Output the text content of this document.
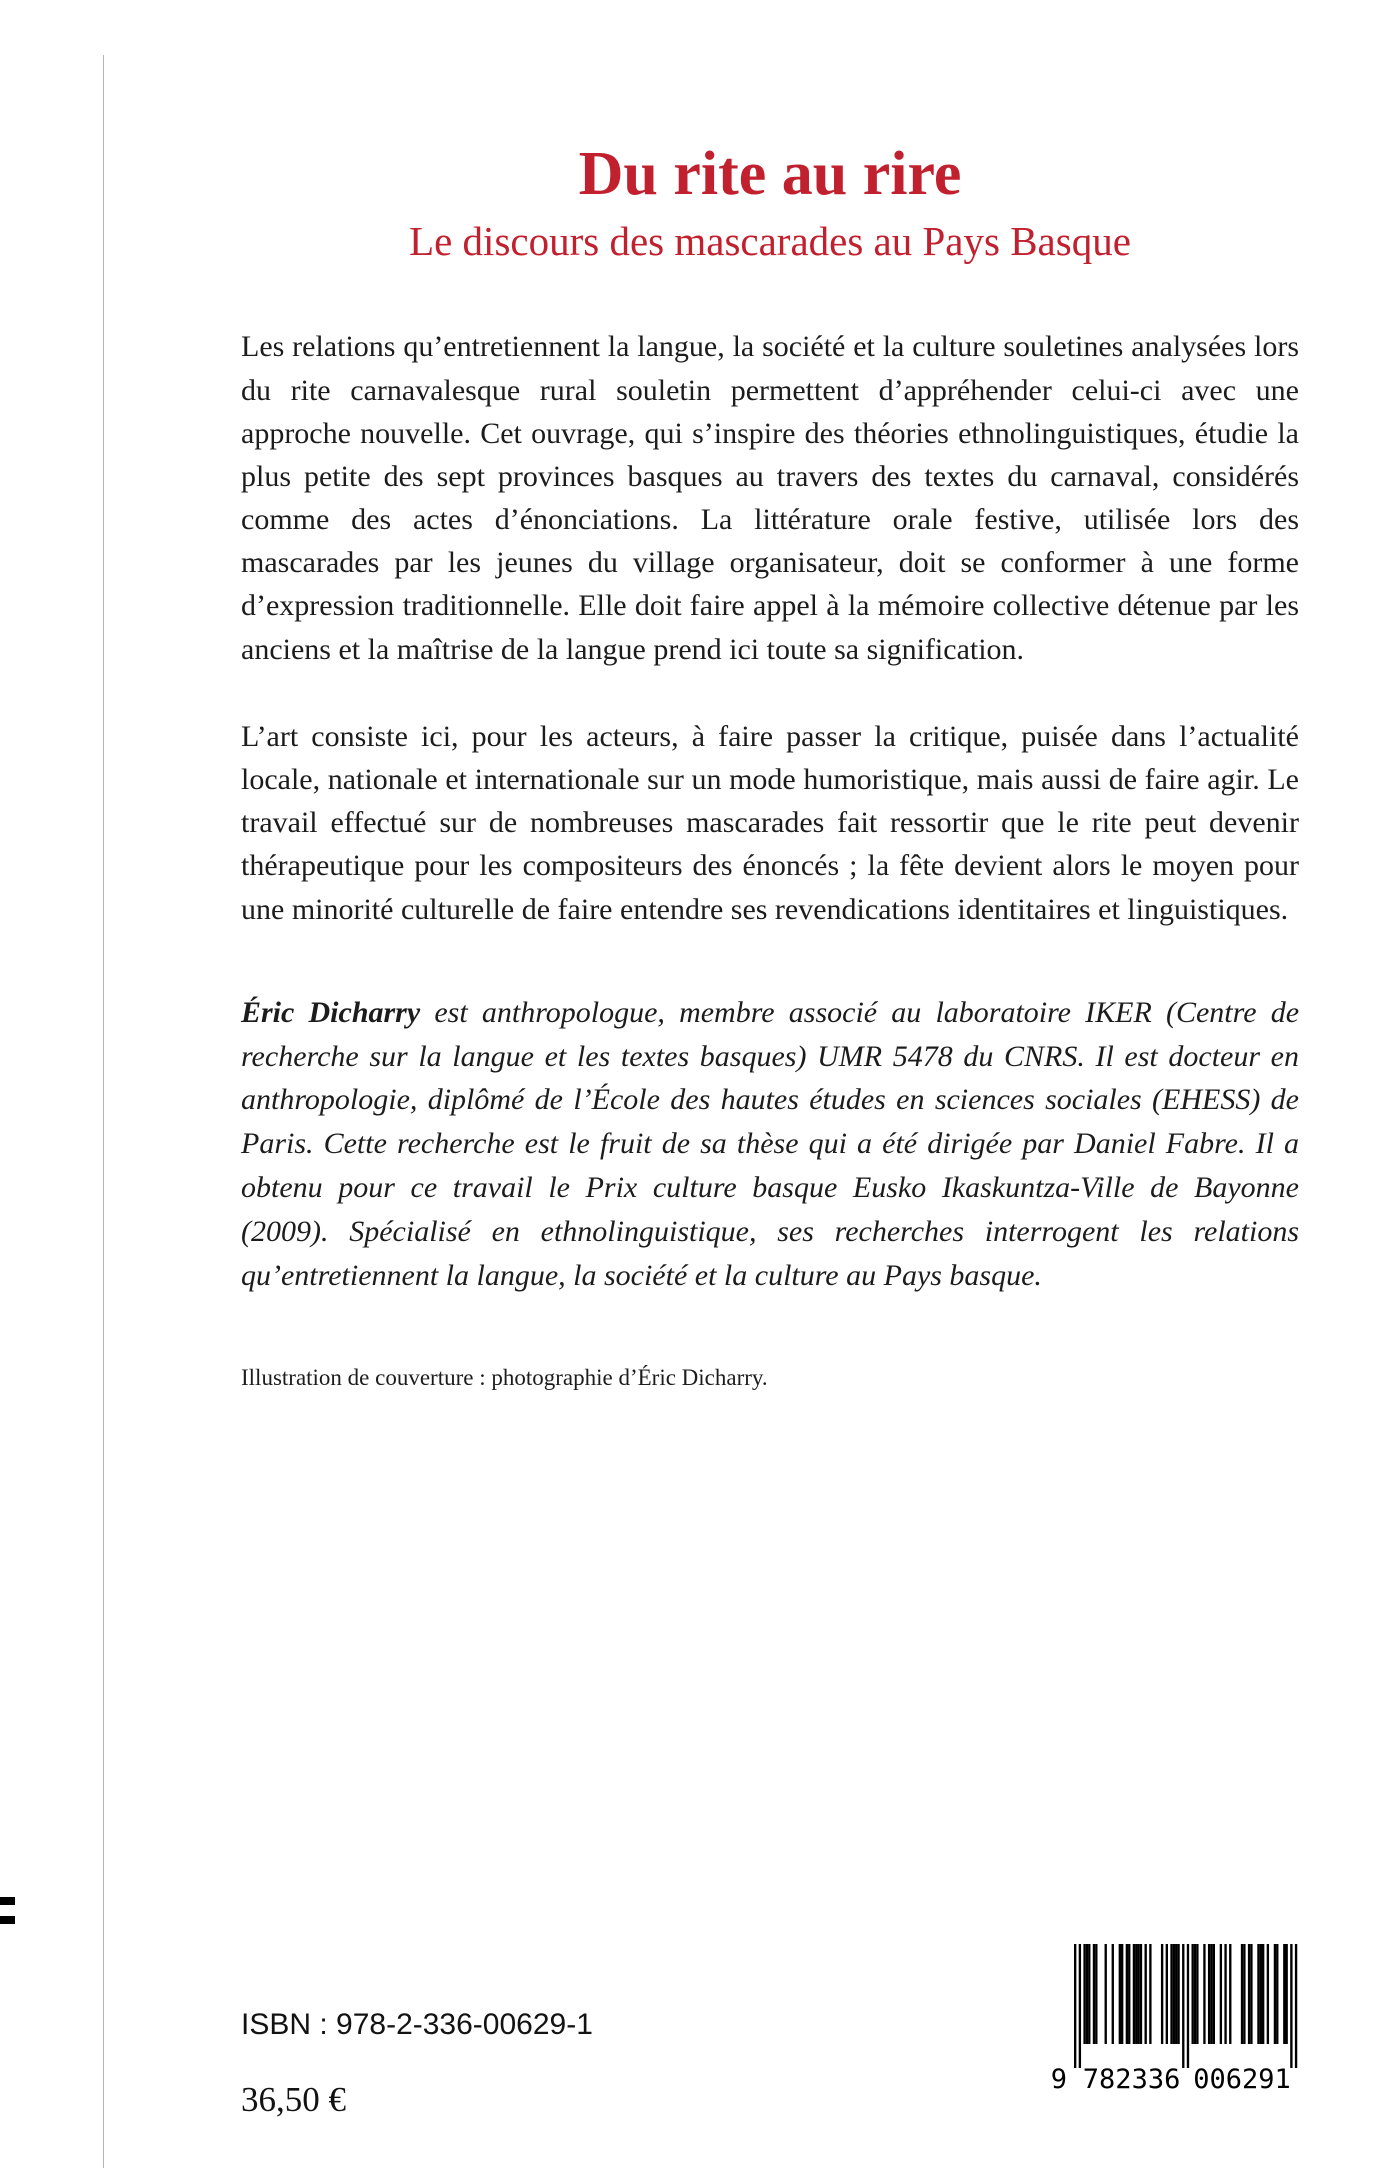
Du rite au rire
Le discours des mascarades au Pays Basque

Les relations qu’entretiennent la langue, la société et la culture souletines analysées lors du rite carnavalesque rural souletin permettent d’appréhender celui-ci avec une approche nouvelle. Cet ouvrage, qui s’inspire des théories ethnolinguistiques, étudie la plus petite des sept provinces basques au travers des textes du carnaval, considérés comme des actes d’énonciations. La littérature orale festive, utilisée lors des mascarades par les jeunes du village organisateur, doit se conformer à une forme d’expression traditionnelle. Elle doit faire appel à la mémoire collective détenue par les anciens et la maîtrise de la langue prend ici toute sa signification.

L’art consiste ici, pour les acteurs, à faire passer la critique, puisée dans l’actualité locale, nationale et internationale sur un mode humoristique, mais aussi de faire agir. Le travail effectué sur de nombreuses mascarades fait ressortir que le rite peut devenir thérapeutique pour les compositeurs des énoncés ; la fête devient alors le moyen pour une minorité culturelle de faire entendre ses revendications identitaires et linguistiques.

Éric Dicharry est anthropologue, membre associé au laboratoire IKER (Centre de recherche sur la langue et les textes basques) UMR 5478 du CNRS. Il est docteur en anthropologie, diplômé de l’École des hautes études en sciences sociales (EHESS) de Paris. Cette recherche est le fruit de sa thèse qui a été dirigée par Daniel Fabre. Il a obtenu pour ce travail le Prix culture basque Eusko Ikaskuntza-Ville de Bayonne (2009). Spécialisé en ethnolinguistique, ses recherches interrogent les relations qu’entretiennent la langue, la société et la culture au Pays basque.

Illustration de couverture : photographie d’Éric Dicharry.

ISBN : 978-2-336-00629-1
36,50 €
9 782336 006291
